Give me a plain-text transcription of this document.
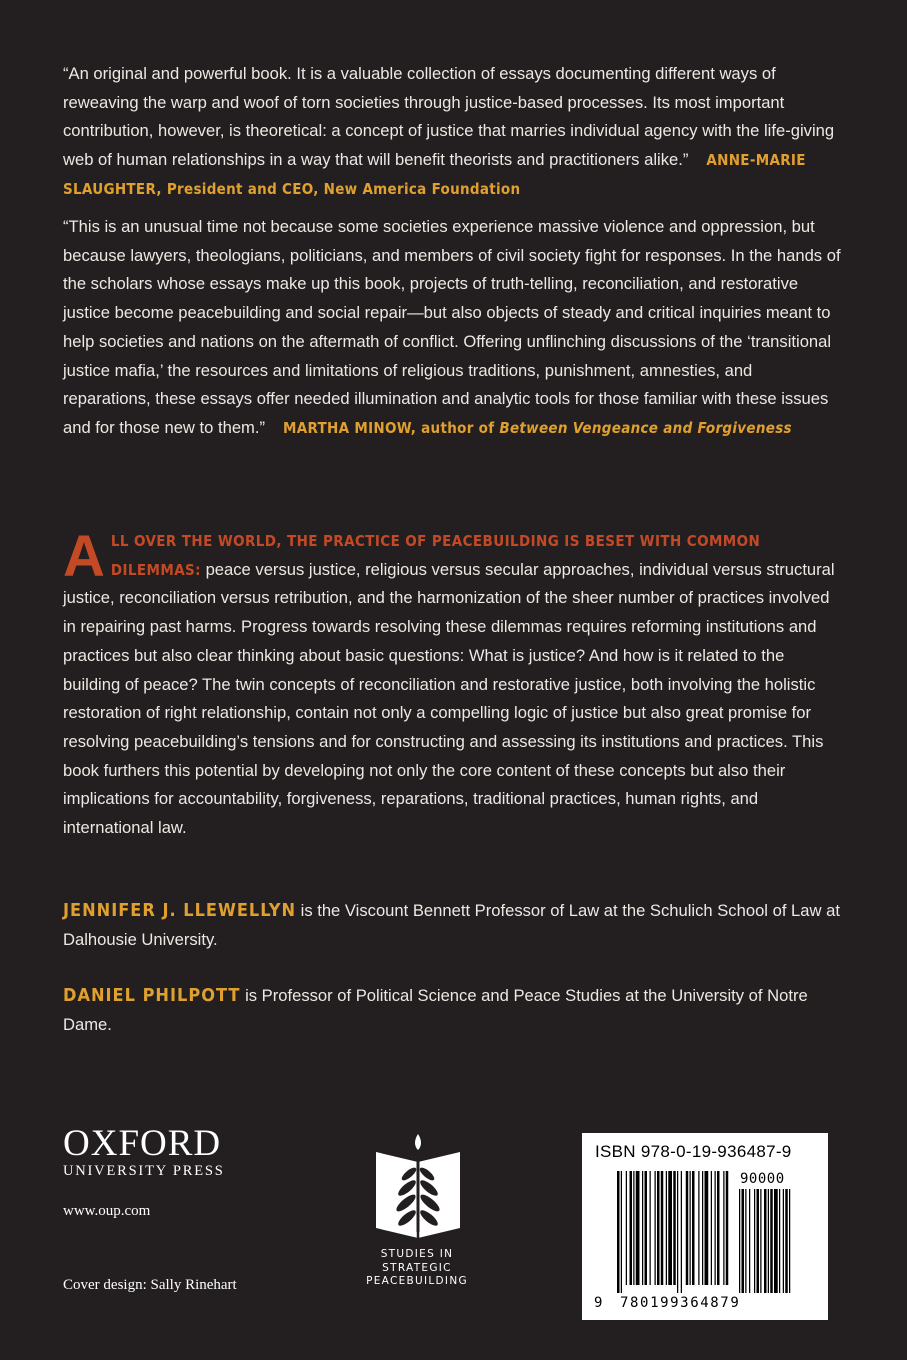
“An original and powerful book. It is a valuable collection of essays documenting different ways of reweaving the warp and woof of torn societies through justice-based processes. Its most important contribution, however, is theoretical: a concept of justice that marries individual agency with the life-giving web of human relationships in a way that will benefit theorists and practitioners alike.” ANNE-MARIE SLAUGHTER, President and CEO, New America Foundation
“This is an unusual time not because some societies experience massive violence and oppression, but because lawyers, theologians, politicians, and members of civil society fight for responses. In the hands of the scholars whose essays make up this book, projects of truth-telling, reconciliation, and restorative justice become peacebuilding and social repair—but also objects of steady and critical inquiries meant to help societies and nations on the aftermath of conflict. Offering unflinching discussions of the ‘transitional justice mafia,’ the resources and limitations of religious traditions, punishment, amnesties, and reparations, these essays offer needed illumination and analytic tools for those familiar with these issues and for those new to them.” MARTHA MINOW, author of Between Vengeance and Forgiveness
ALL OVER THE WORLD, THE PRACTICE OF PEACEBUILDING IS BESET WITH COMMON DILEMMAS: peace versus justice, religious versus secular approaches, individual versus structural justice, reconciliation versus retribution, and the harmonization of the sheer number of practices involved in repairing past harms. Progress towards resolving these dilemmas requires reforming institutions and practices but also clear thinking about basic questions: What is justice? And how is it related to the building of peace? The twin concepts of reconciliation and restorative justice, both involving the holistic restoration of right relationship, contain not only a compelling logic of justice but also great promise for resolving peacebuilding’s tensions and for constructing and assessing its institutions and practices. This book furthers this potential by developing not only the core content of these concepts but also their implications for accountability, forgiveness, reparations, traditional practices, human rights, and international law.
JENNIFER J. LLEWELLYN is the Viscount Bennett Professor of Law at the Schulich School of Law at Dalhousie University.
DANIEL PHILPOTT is Professor of Political Science and Peace Studies at the University of Notre Dame.
OXFORD
UNIVERSITY PRESS
www.oup.com
Cover design: Sally Rinehart
STUDIES IN
STRATEGIC
PEACEBUILDING
ISBN 978-0-19-936487-9
90000
9 780199364879
